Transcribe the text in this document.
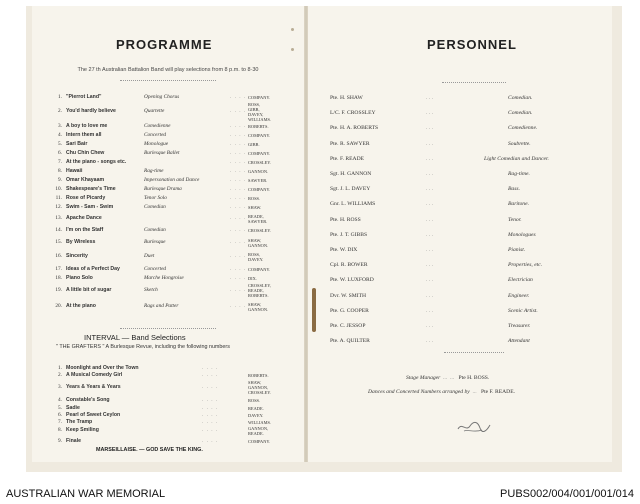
PROGRAMME
The 27 th Australian Battalion Band will play selections from 8 p.m. to 8·30
1. "Pierrot Land"	Opening Chorus	. . . . COMPANY.
2. You'd hardly believe	Quartette	. . . .
ROSS,
GIBB,
DAVEY,
WILLIAMS.
3. A boy to love me	Comedienne	. . . . ROBERTS.
4. Intern them all	Concerted	. . . . COMPANY.
5. Sari Bair	Monologue	. . . . GIBB.
6. Chu Chin Chew	Burlesque Ballet	. . . . COMPANY.
7. At the piano - songs etc.	. . . . CROSSLEY.
8. Hawaii	Rag-time	. . . . GANNON.
9. Omar Khayaam	Impersonation and Dance	. . . . SAWYER.
10. Shakespeare's Time	Burlesque Drama	. . . . COMPANY.
11. Rose of Picardy	Tenor Solo	. . . . ROSS.
12. Swim - Sam - Swim	Comedian	. . . . SHAW.
13. Apache Dance	. . . . READE,
SAWYER.
14. I'm on the Staff	Comedian	. . . . CROSSLEY.
15. By Wireless	Burlesque	. . . . SHAW,
GANNON.
16. Sincerity	Duet	. . . . ROSS,
DAVEY.
17. Ideas of a Perfect Day	Concerted	. . . . COMPANY.
18. Piano Solo	Marche Hongroise	. . . . DIX.
19. A little bit of sugar	Sketch	. . . .
CROSSLEY,
READE,
ROBERTS.
20. At the piano	Rags and Patter	. . . . SHAW,
GANNON.
INTERVAL — Band Selections
" THE GRAFTERS " A Burlesque Revue, including the following numbers
1. Moonlight and Over the Town	. . . .
2. A Musical Comedy Girl	. . . .	ROBERTS.
3. Years & Years & Years	. . . .
SHAW,
GANNON,
CROSSLEY.
4. Constable's Song	. . . .	ROSS.
5. Sadie	. . . .	READE.
6. Pearl of Sweet Ceylon	. . . .	DAVEY.
7. The Tramp	. . . .	WILLIAMS.
8. Keep Smiling	. . . .	GANNON,
READE.
9. Finale	. . . .	COMPANY.
MARSEILLAISE. — GOD SAVE THE KING.
PERSONNEL
Pte. H. SHAW	. . .	Comedian.
L/C. F. CROSSLEY	. . .	Comedian.
Pte. H. A. ROBERTS	. . .	Comedienne.
Pte. R. SAWYER	. . .	Soubrette.
Pte. F. READE	. . .	Light Comedian and Dancer.
Sgt. H. GANNON	. . .	Rag-time.
Sgt. J. L. DAVEY	. . .	Bass.
Gnr. L. WILLIAMS	. . .	Baritone.
Pte. H. ROSS	. . .	Tenor.
Pte. J. T. GIBBS	. . .	Monologues
Pte. W. DIX	. . .	Pianist.
Cpl. R. BOWER	. . .	Properties, etc.
Pte. W. LUXFORD	. . .	Electrician
Dvr. W. SMITH	. . .	Engineer.
Pte. G. COOPER	. . .	Scenic Artist.
Pte. C. JESSOP	. . .	Treasurer.
Pte. A. QUILTER	. . .	Attendant
Stage Manager  ...  ...   Pte H. BOSS.
Dances and Concerted Numbers arranged by  ...   Pte F. READE.
AUSTRALIAN WAR MEMORIAL	PUBS002/004/001/001/014
